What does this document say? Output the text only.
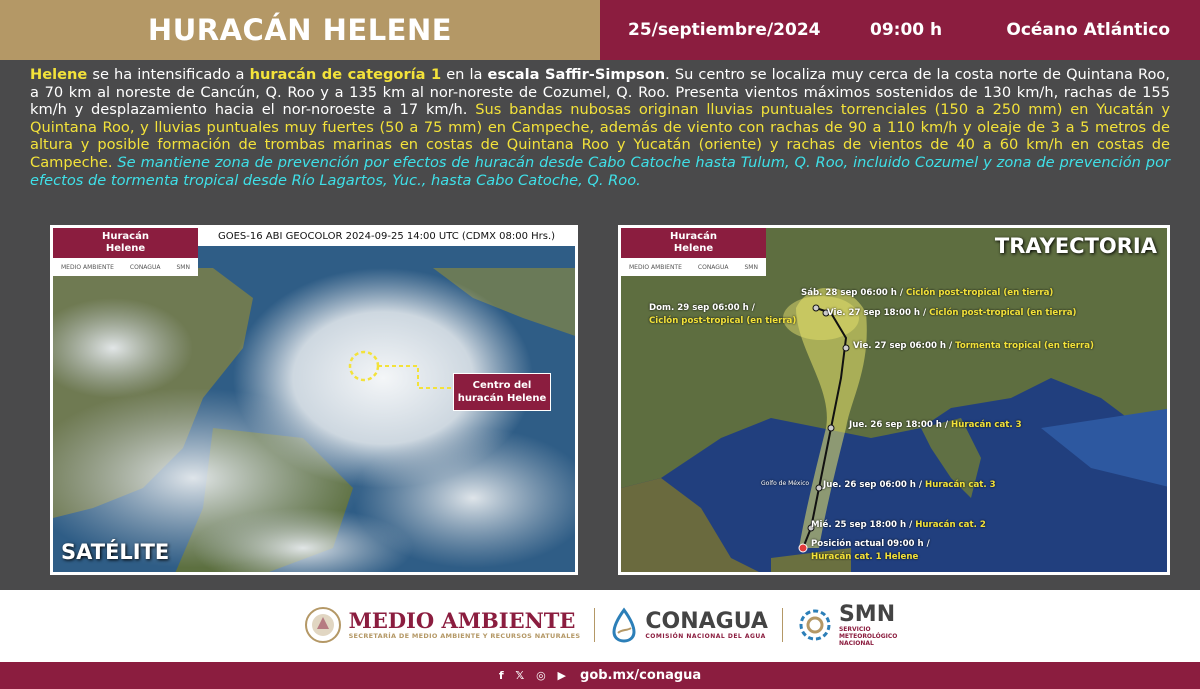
HURACÁN HELENE	25/septiembre/2024	09:00 h	Océano Atlántico
Helene se ha intensificado a huracán de categoría 1 en la escala Saffir-Simpson. Su centro se localiza muy cerca de la costa norte de Quintana Roo, a 70 km al noreste de Cancún, Q. Roo y a 135 km al nor-noreste de Cozumel, Q. Roo. Presenta vientos máximos sostenidos de 130 km/h, rachas de 155 km/h y desplazamiento hacia el nor-noroeste a 17 km/h. Sus bandas nubosas originan lluvias puntuales torrenciales (150 a 250 mm) en Yucatán y Quintana Roo, y lluvias puntuales muy fuertes (50 a 75 mm) en Campeche, además de viento con rachas de 90 a 110 km/h y oleaje de 3 a 5 metros de altura y posible formación de trombas marinas en costas de Quintana Roo y Yucatán (oriente) y rachas de vientos de 40 a 60 km/h en costas de Campeche. Se mantiene zona de prevención por efectos de huracán desde Cabo Catoche hasta Tulum, Q. Roo, incluido Cozumel y zona de prevención por efectos de tormenta tropical desde Río Lagartos, Yuc., hasta Cabo Catoche, Q. Roo.
Huracán
Helene
MEDIO AMBIENTE	CONAGUA	SMN
GOES-16 ABI GEOCOLOR 2024-09-25 14:00 UTC (CDMX 08:00 Hrs.)
Centro del huracán Helene
SATÉLITE
Huracán
Helene
MEDIO AMBIENTE	CONAGUA	SMN
TRAYECTORIA
Sáb. 28 sep 06:00 h / Ciclón post-tropical (en tierra)
Vie. 27 sep 18:00 h / Ciclón post-tropical (en tierra)
Dom. 29 sep 06:00 h /
Ciclón post-tropical (en tierra)
Vie. 27 sep 06:00 h / Tormenta tropical (en tierra)
Jue. 26 sep 18:00 h / Huracán cat. 3
Jue. 26 sep 06:00 h / Huracán cat. 3
Mié. 25 sep 18:00 h / Huracán cat. 2
Posición actual 09:00 h /
Huracán cat. 1 Helene
Golfo de México
MEDIO AMBIENTE
SECRETARÍA DE MEDIO AMBIENTE Y RECURSOS NATURALES
CONAGUA
COMISIÓN NACIONAL DEL AGUA
SMN
SERVICIO
METEOROLÓGICO
NACIONAL
f 𝕏 ◎ ▶ gob.mx/conagua
